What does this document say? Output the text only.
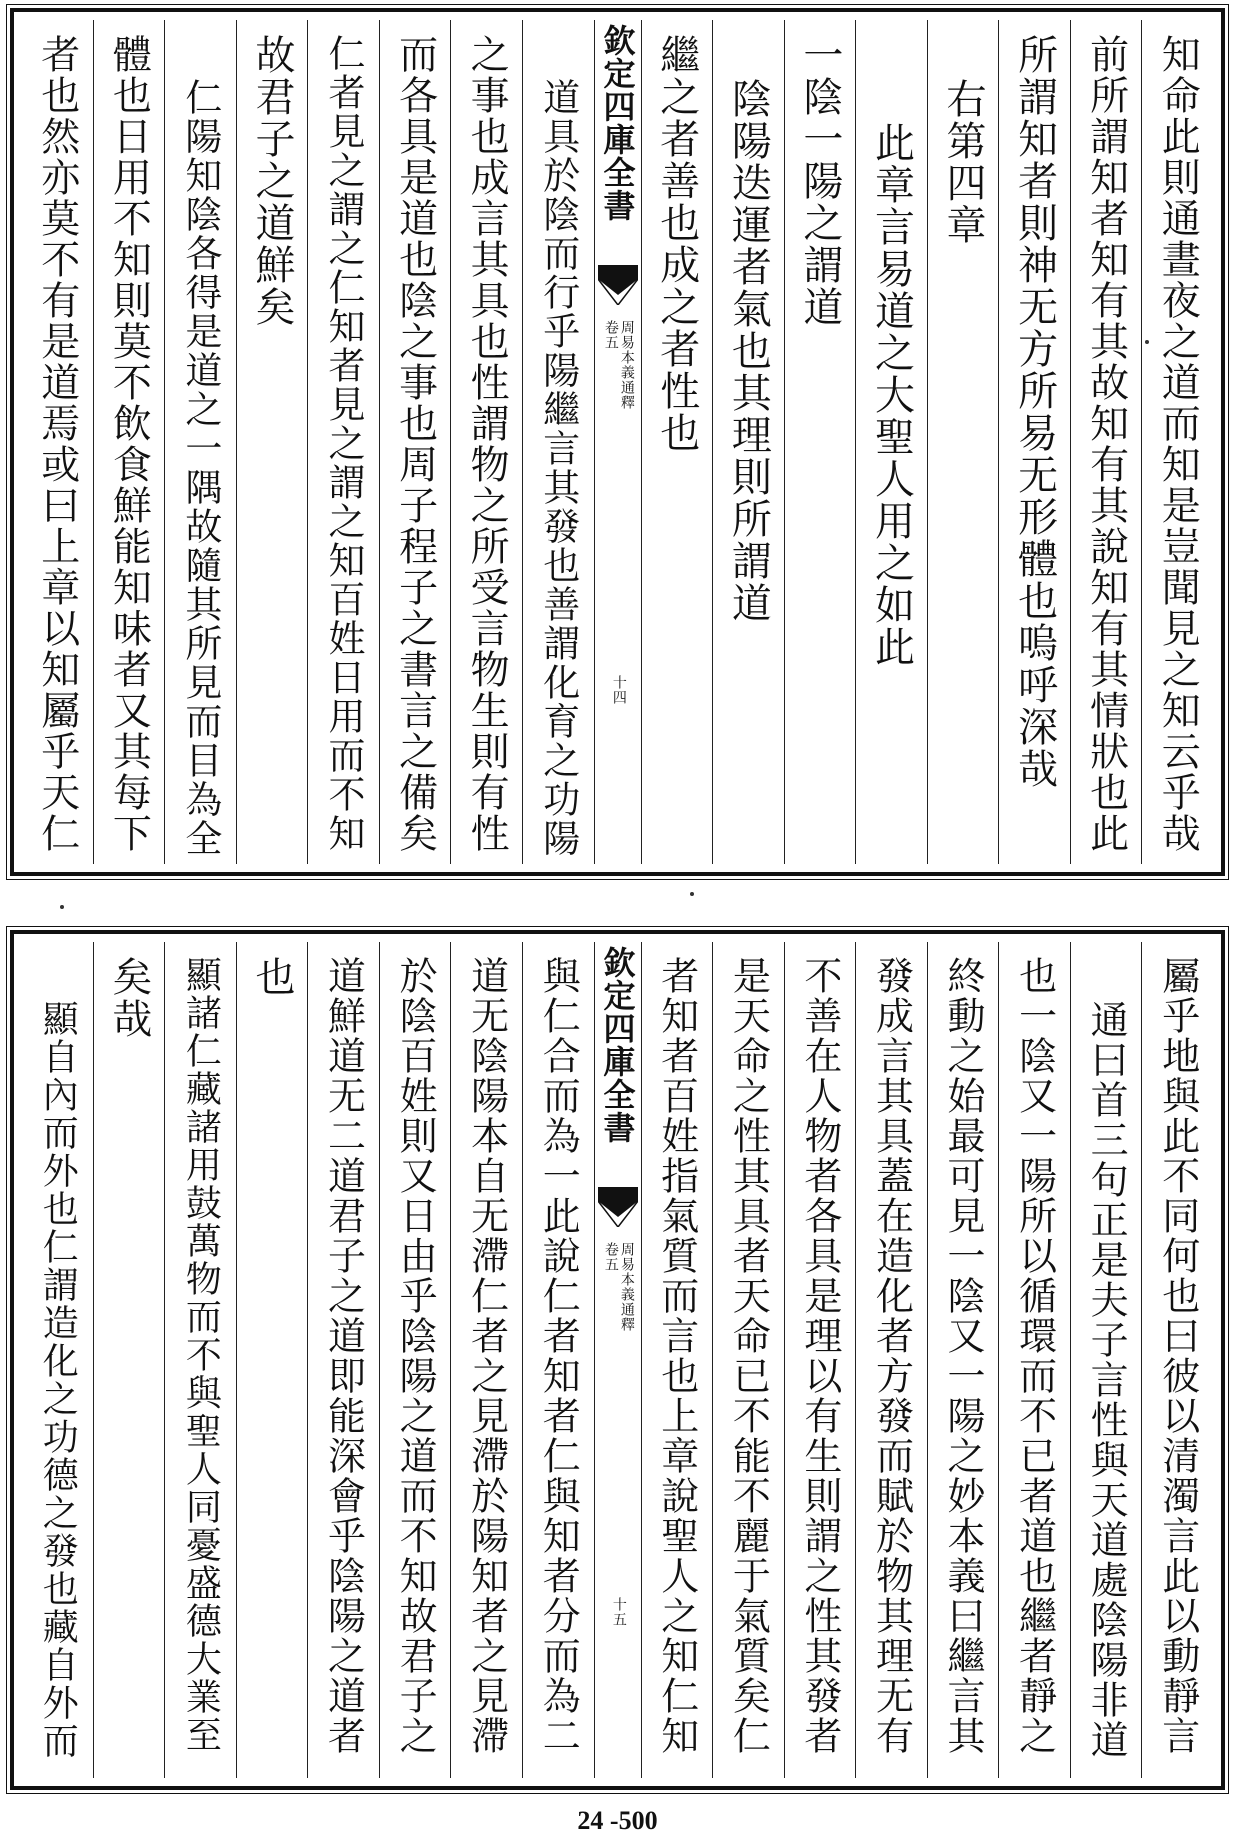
知命此則通晝夜之道而知是豈聞見之知云乎哉
前所謂知者知有其故知有其說知有其情狀也此
所謂知者則神无方所易无形體也嗚呼深哉
右第四章
此章言易道之大聖人用之如此
一陰一陽之謂道
陰陽迭運者氣也其理則所謂道
繼之者善也成之者性也
欽定四庫全書
周易本義通釋
卷五
十四
道具於陰而行乎陽繼言其發也善謂化育之功陽
之事也成言其具也性謂物之所受言物生則有性
而各具是道也陰之事也周子程子之書言之備矣
仁者見之謂之仁知者見之謂之知百姓日用而不知
故君子之道鮮矣
仁陽知陰各得是道之一隅故隨其所見而目為全
體也日用不知則莫不飲食鮮能知味者又其每下
者也然亦莫不有是道焉或曰上章以知屬乎天仁
屬乎地與此不同何也曰彼以清濁言此以動靜言
通曰首三句正是夫子言性與天道處陰陽非道
也一陰又一陽所以循環而不已者道也繼者靜之
終動之始最可見一陰又一陽之妙本義曰繼言其
發成言其具蓋在造化者方發而賦於物其理无有
不善在人物者各具是理以有生則謂之性其發者
是天命之性其具者天命已不能不麗于氣質矣仁
者知者百姓指氣質而言也上章說聖人之知仁知
欽定四庫全書
周易本義通釋
卷五
十五
與仁合而為一此說仁者知者仁與知者分而為二
道无陰陽本自无滯仁者之見滯於陽知者之見滯
於陰百姓則又日由乎陰陽之道而不知故君子之
道鮮道无二道君子之道即能深會乎陰陽之道者
也
顯諸仁藏諸用鼓萬物而不與聖人同憂盛德大業至
矣哉
顯自內而外也仁謂造化之功德之發也藏自外而
24 -500
